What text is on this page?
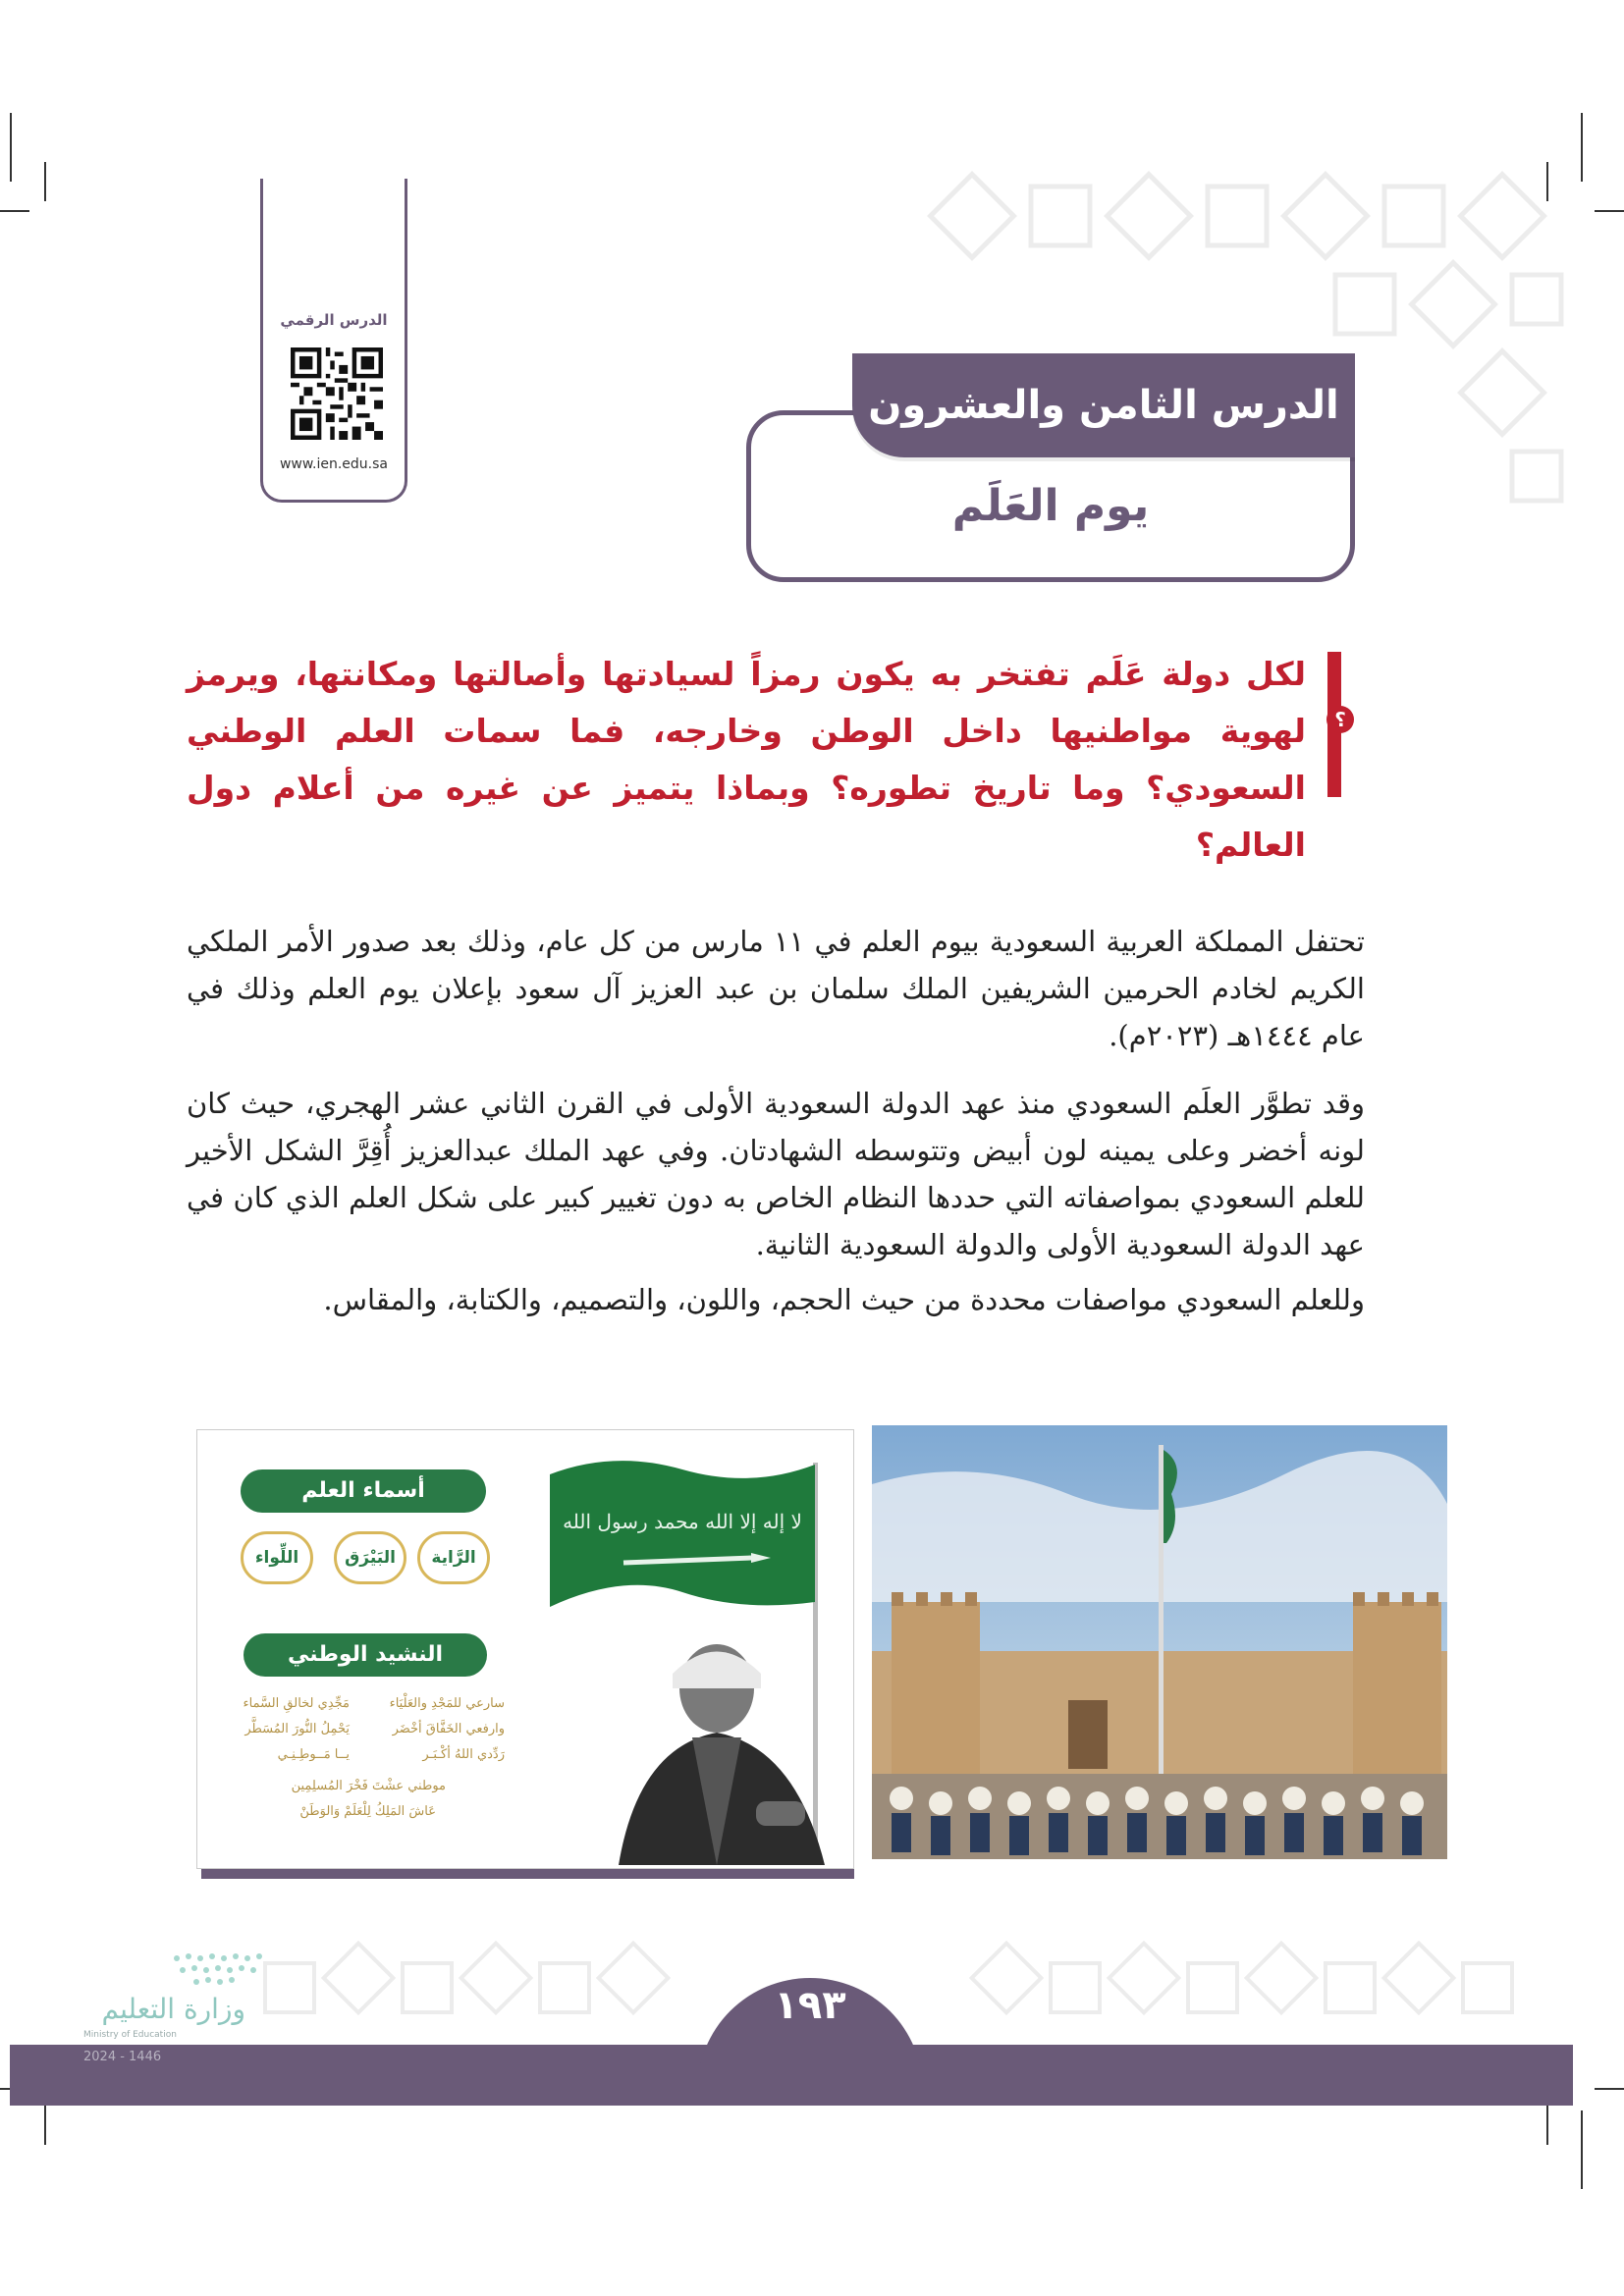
الدرس الرقمي
www.ien.edu.sa
الدرس الثامن والعشرون
يوم العَلَم
؟
لكل دولة عَلَم تفتخر به يكون رمزاً لسيادتها وأصالتها ومكانتها، ويرمز لهوية مواطنيها داخل الوطن وخارجه، فما سمات العلم الوطني السعودي؟ وما تاريخ تطوره؟ وبماذا يتميز عن غيره من أعلام دول العالم؟
تحتفل المملكة العربية السعودية بيوم العلم في ١١ مارس من كل عام، وذلك بعد صدور الأمر الملكي الكريم لخادم الحرمين الشريفين الملك سلمان بن عبد العزيز آل سعود بإعلان يوم العلم وذلك في عام ١٤٤٤هـ (٢٠٢٣م).
وقد تطوَّر العلَم السعودي منذ عهد الدولة السعودية الأولى في القرن الثاني عشر الهجري، حيث كان لونه أخضر وعلى يمينه لون أبيض وتتوسطه الشهادتان. وفي عهد الملك عبدالعزيز أُقِرَّ الشكل الأخير للعلم السعودي بمواصفاته التي حددها النظام الخاص به دون تغيير كبير على شكل العلم الذي كان في عهد الدولة السعودية الأولى والدولة السعودية الثانية.
وللعلم السعودي مواصفات محددة من حيث الحجم، واللون، والتصميم، والكتابة، والمقاس.
لا إله إلا الله محمد رسول الله
أسماء العلم
الرَّاية
البَيْرَق
اللِّواء
النشيد الوطني
سارعي للمَجْدِ والعَلْيَاء
مَجِّدِي لخالقِ السَّماء
وارفعي الخَفَّاقَ أخْضَر
يَحْمِلُ النُّورَ المُسَطَّر
رَدِّدي اللهُ أكْـبَـر
يــا مَــوطِـنِـي
موطني عشْتَ فَخْرَ المُسلِمِين
عَاشَ المَلِكُ لِلْعَلَمْ وَالوَطَنْ
١٩٣
وزارة التعليم
Ministry of Education
2024 - 1446
